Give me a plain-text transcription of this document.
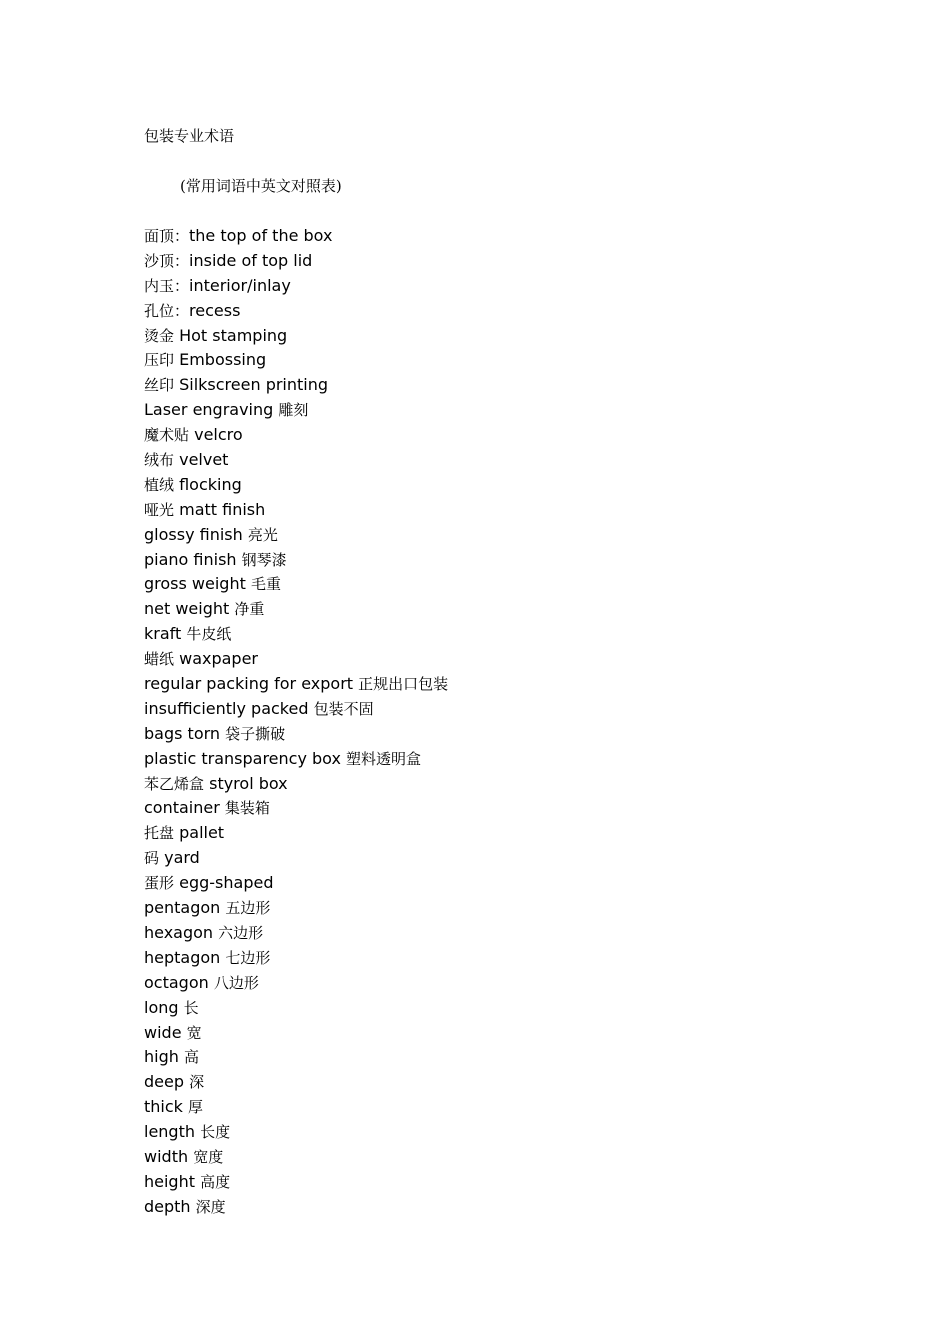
包装专业术语

(常用词语中英文对照表)

面顶：the top of the box
沙顶：inside of top lid
内玉：interior/inlay
孔位：recess
烫金 Hot stamping
压印 Embossing
丝印 Silkscreen printing
Laser engraving 雕刻
魔术贴 velcro
绒布 velvet
植绒 flocking
哑光 matt finish
glossy finish 亮光
piano finish 钢琴漆
gross weight 毛重
net weight 净重
kraft 牛皮纸
蜡纸 waxpaper
regular packing for export 正规出口包装
insufficiently packed 包装不固
bags torn 袋子撕破
plastic transparency box 塑料透明盒
苯乙烯盒 styrol box
container 集装箱
托盘 pallet
码 yard
蛋形 egg-shaped
pentagon 五边形
hexagon 六边形
heptagon 七边形
octagon 八边形
long 长
wide 宽
high 高
deep 深
thick 厚
length 长度
width 宽度
height 高度
depth 深度
